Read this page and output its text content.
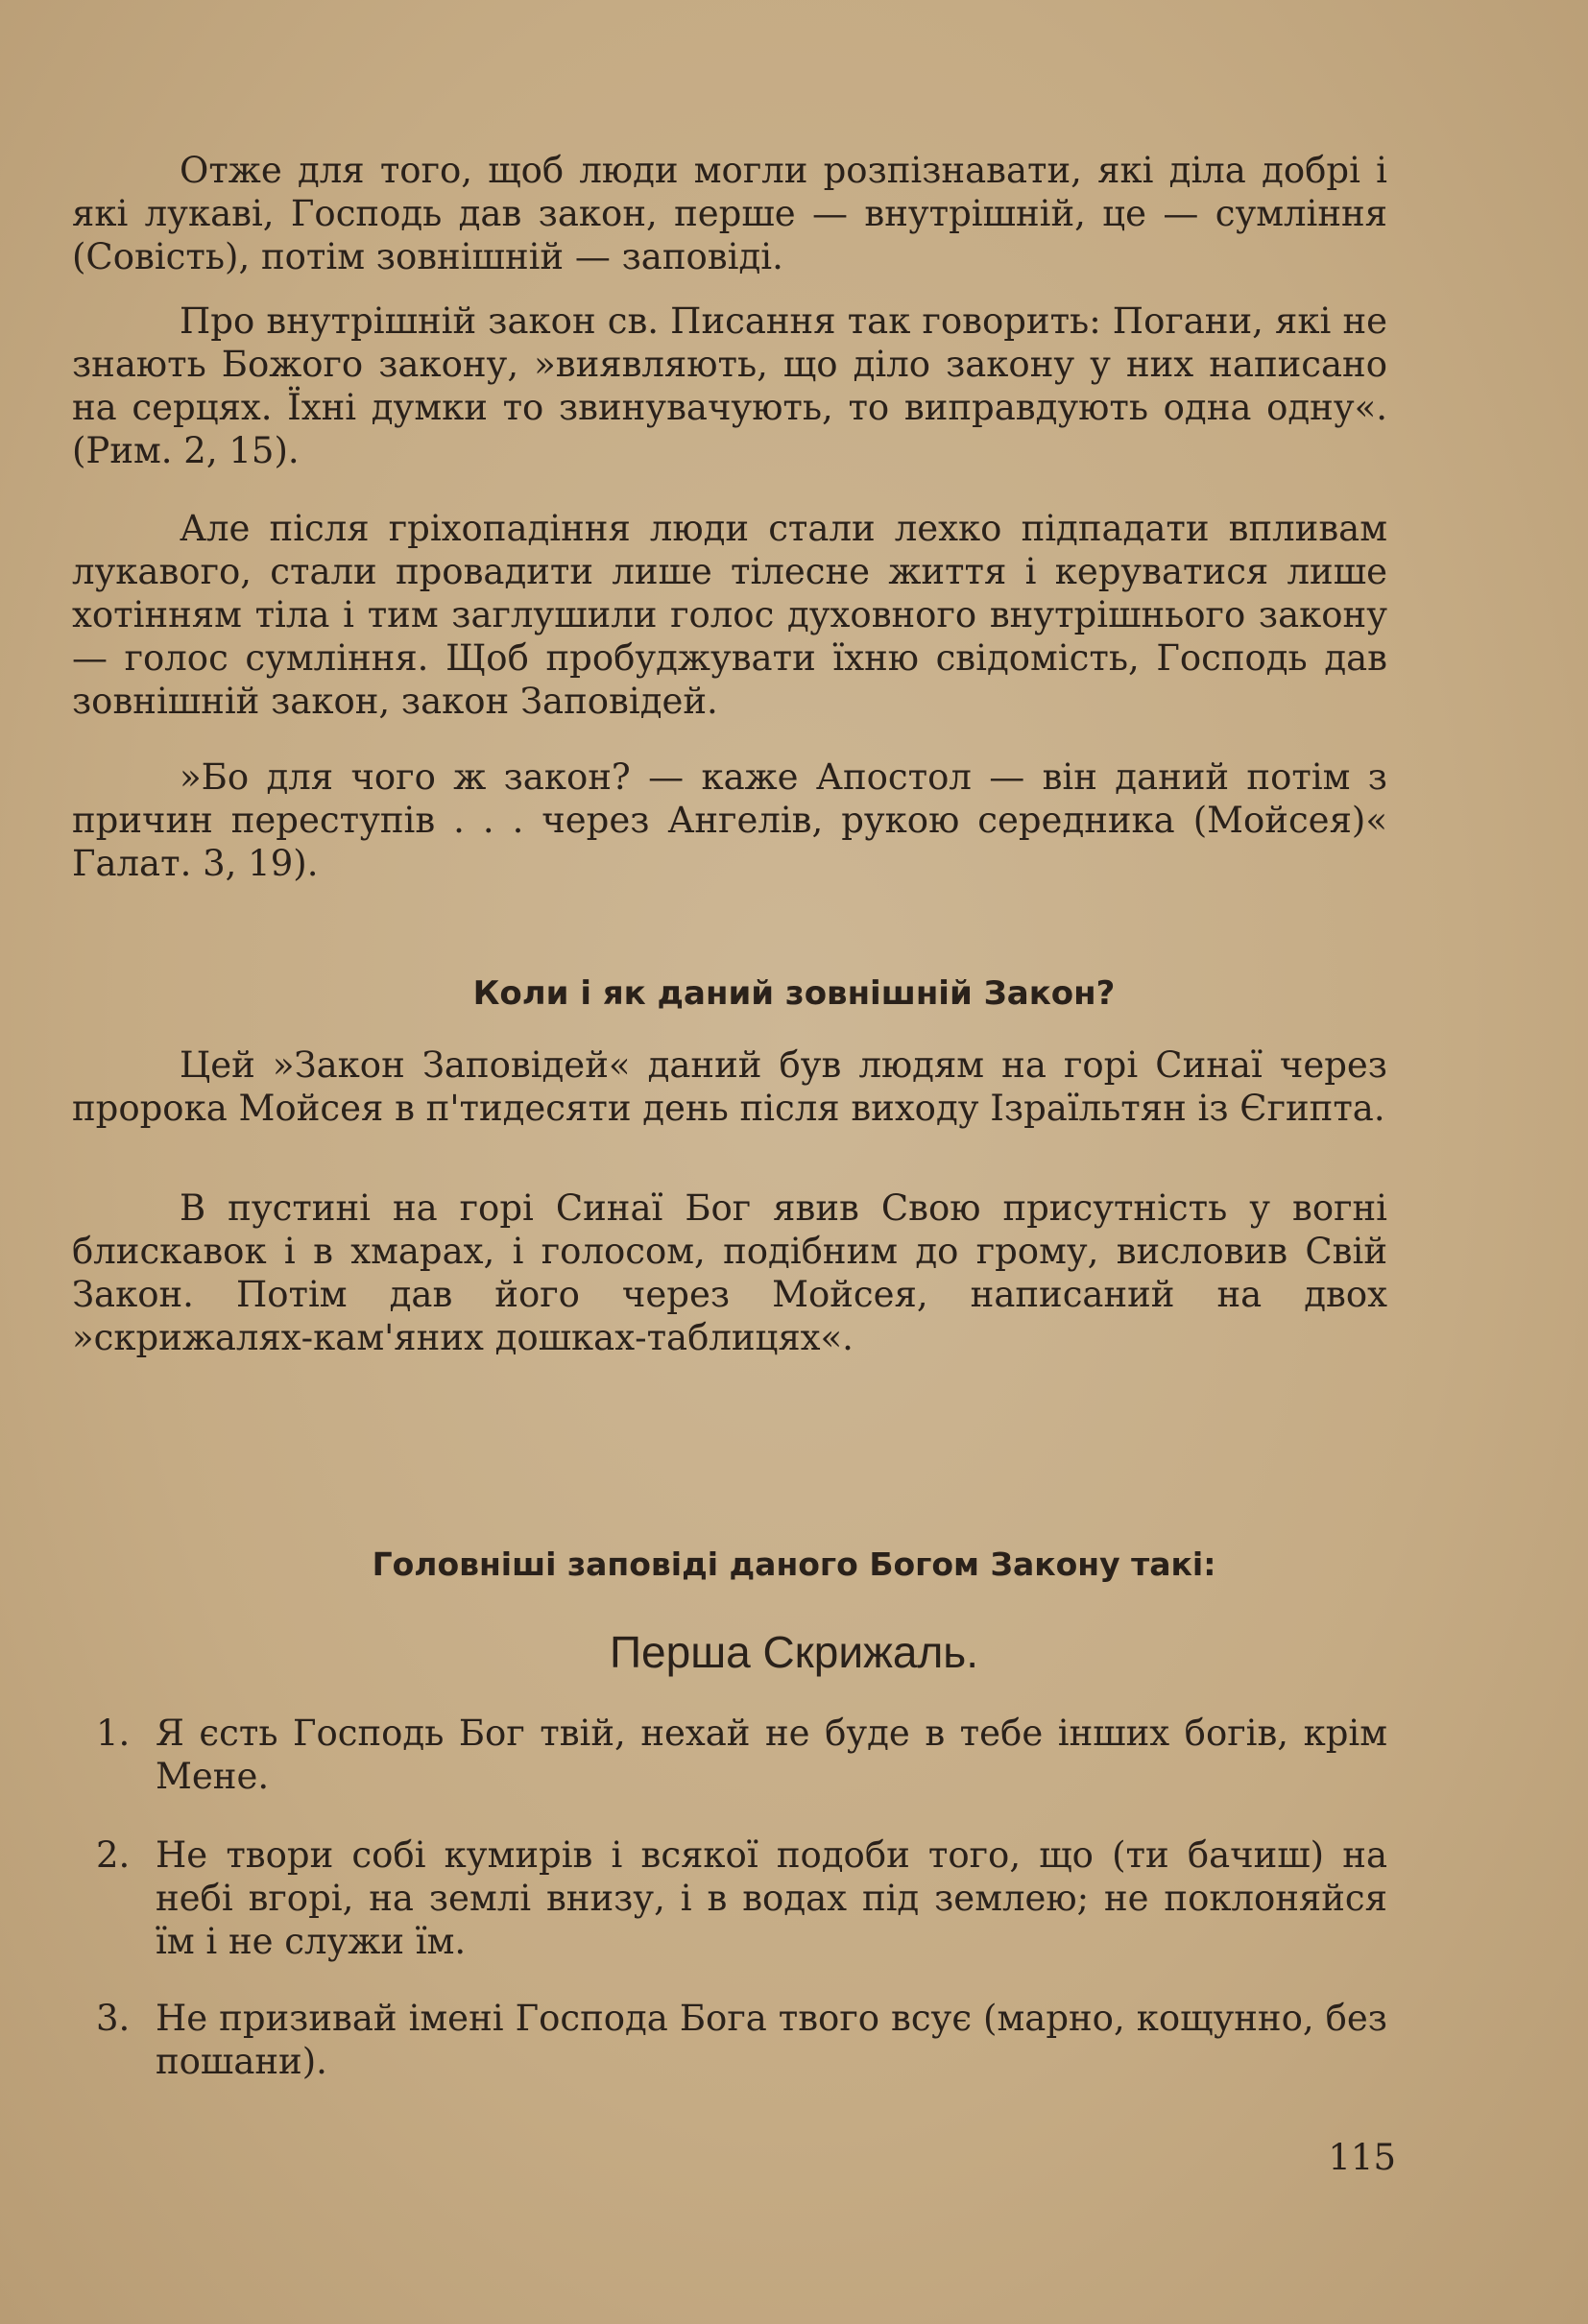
Отже для того, щоб люди могли розпізнавати, які діла добрі і які лукаві, Господь дав закон, перше — внутрішній, це — сумління (Совість), потім зовнішній — заповіді.

Про внутрішній закон св. Писання так говорить: Погани, які не знають Божого закону, »виявляють, що діло закону у них написано на серцях. Їхні думки то звинувачують, то виправдують одна одну«.(Рим. 2, 15).

Але після гріхопадіння люди стали лехко підпадати впливам лукавого, стали провадити лише тілесне життя і керуватися лише хотінням тіла і тим заглушили голос духовного внутрішнього закону — голос сумління. Щоб пробуджувати їхню свідомість, Господь дав зовнішній закон, закон Заповідей.

»Бо для чого ж закон? — каже Апостол — він даний потім з причин переступів . . . через Ангелів, рукою середника (Мойсея)« Галат. 3, 19).

Коли і як даний зовнішній Закон?

Цей »Закон Заповідей« даний був людям на горі Синаї через пророка Мойсея в п'тидесяти день після виходу Ізраїльтян із Єгипта.

В пустині на горі Синаї Бог явив Свою присутність у вогні блискавок і в хмарах, і голосом, подібним до грому, висловив Свій Закон. Потім дав його через Мойсея, написаний на двох »скрижалях-кам'яних дошках-таблицях«.

Головніші заповіді даного Богом Закону такі:
Перша Скрижаль.
1. Я єсть Господь Бог твій, нехай не буде в тебе інших богів, крім Мене.
2. Не твори собі кумирів і всякої подоби того, що (ти бачиш) на небі вгорі, на землі внизу, і в водах під землею; не поклоняйся їм і не служи їм.
3. Не призивай імені Господа Бога твого всує (марно, кощунно, без пошани).

115
